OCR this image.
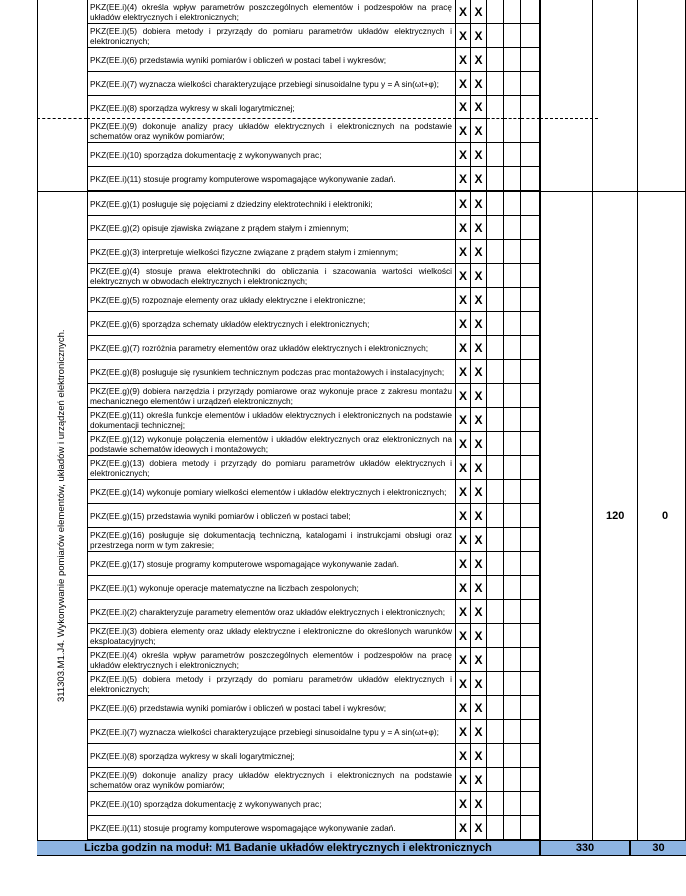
311303.M1.J4. Wykonywanie pomiarów elementów, układów i urządzeń elektronicznych.	120	0
PKZ(EE.i)(4) określa wpływ parametrów poszczególnych elementów i podzespołów na pracę układów elektrycznych i elektronicznych;	X X
PKZ(EE.i)(5) dobiera metody i przyrządy do pomiaru parametrów układów elektrycznych i elektronicznych;	X X
PKZ(EE.i)(6) przedstawia wyniki pomiarów i obliczeń w postaci tabel i wykresów;	X X
PKZ(EE.i)(7) wyznacza wielkości charakteryzujące przebiegi sinusoidalne typu y = A sin(ωt+φ);	X X
PKZ(EE.i)(8) sporządza wykresy w skali logarytmicznej;	X X
PKZ(EE.i)(9) dokonuje analizy pracy układów elektrycznych i elektronicznych na podstawie schematów oraz wyników pomiarów;	X X
PKZ(EE.i)(10) sporządza dokumentację z wykonywanych prac;	X X
PKZ(EE.i)(11) stosuje programy komputerowe wspomagające wykonywanie zadań.	X X
PKZ(EE.g)(1) posługuje się pojęciami z dziedziny elektrotechniki i elektroniki;	X X
PKZ(EE.g)(2) opisuje zjawiska związane z prądem stałym i zmiennym;	X X
PKZ(EE.g)(3) interpretuje wielkości fizyczne związane z prądem stałym i zmiennym;	X X
PKZ(EE.g)(4) stosuje prawa elektrotechniki do obliczania i szacowania wartości wielkości elektrycznych w obwodach elektrycznych i elektronicznych;	X X
PKZ(EE.g)(5) rozpoznaje elementy oraz układy elektryczne i elektroniczne;	X X
PKZ(EE.g)(6) sporządza schematy układów elektrycznych i elektronicznych;	X X
PKZ(EE.g)(7) rozróżnia parametry elementów oraz układów elektrycznych i elektronicznych;	X X
PKZ(EE.g)(8) posługuje się rysunkiem technicznym podczas prac montażowych i instalacyjnych;	X X
PKZ(EE.g)(9) dobiera narzędzia i przyrządy pomiarowe oraz wykonuje prace z zakresu montażu mechanicznego elementów i urządzeń elektronicznych;	X X
PKZ(EE.g)(11) określa funkcje elementów i układów elektrycznych i elektronicznych na podstawie dokumentacji technicznej;	X X
PKZ(EE.g)(12) wykonuje połączenia elementów i układów elektrycznych oraz elektronicznych na podstawie schematów ideowych i montażowych;	X X
PKZ(EE.g)(13) dobiera metody i przyrządy do pomiaru parametrów układów elektrycznych i elektronicznych;	X X
PKZ(EE.g)(14) wykonuje pomiary wielkości elementów i układów elektrycznych i elektronicznych;	X X
PKZ(EE.g)(15) przedstawia wyniki pomiarów i obliczeń w postaci tabel;	X X
PKZ(EE.g)(16) posługuje się dokumentacją techniczną, katalogami i instrukcjami obsługi oraz przestrzega norm w tym zakresie;	X X
PKZ(EE.g)(17) stosuje programy komputerowe wspomagające wykonywanie zadań.	X X
PKZ(EE.i)(1) wykonuje operacje matematyczne na liczbach zespolonych;	X X
PKZ(EE.i)(2) charakteryzuje parametry elementów oraz układów elektrycznych i elektronicznych;	X X
PKZ(EE.i)(3) dobiera elementy oraz układy elektryczne i elektroniczne do określonych warunków eksploatacyjnych;	X X
PKZ(EE.i)(4) określa wpływ parametrów poszczególnych elementów i podzespołów na pracę układów elektrycznych i elektronicznych;	X X
PKZ(EE.i)(5) dobiera metody i przyrządy do pomiaru parametrów układów elektrycznych i elektronicznych;	X X
PKZ(EE.i)(6) przedstawia wyniki pomiarów i obliczeń w postaci tabel i wykresów;	X X
PKZ(EE.i)(7) wyznacza wielkości charakteryzujące przebiegi sinusoidalne typu y = A sin(ωt+φ);	X X
PKZ(EE.i)(8) sporządza wykresy w skali logarytmicznej;	X X
PKZ(EE.i)(9) dokonuje analizy pracy układów elektrycznych i elektronicznych na podstawie schematów oraz wyników pomiarów;	X X
PKZ(EE.i)(10) sporządza dokumentację z wykonywanych prac;	X X
PKZ(EE.i)(11) stosuje programy komputerowe wspomagające wykonywanie zadań.	X X
Liczba godzin na moduł: M1 Badanie układów elektrycznych i elektronicznych	330	30
